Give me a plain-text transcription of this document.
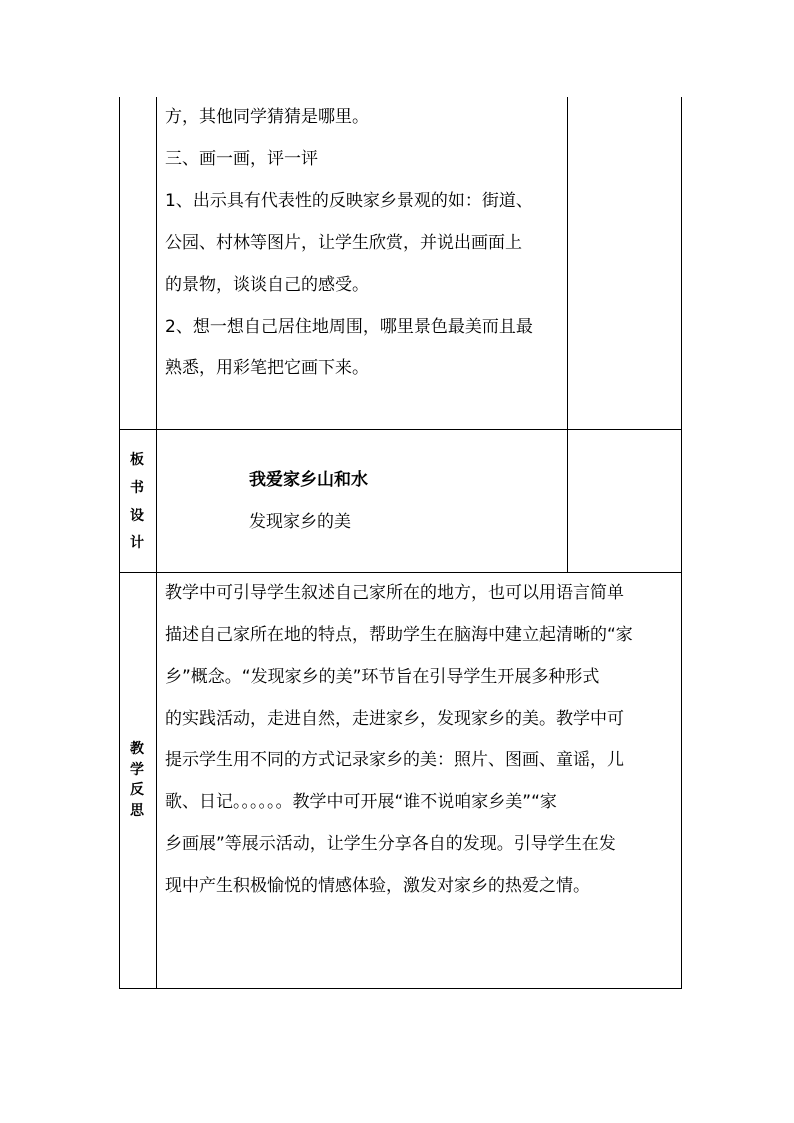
方，其他同学猜猜是哪里。

三、画一画，评一评

1、出示具有代表性的反映家乡景观的如：街道、

公园、村林等图片，让学生欣赏，并说出画面上

的景物，谈谈自己的感受。

2、想一想自己居住地周围，哪里景色最美而且最

熟悉，用彩笔把它画下来。

板

书

设

计

我爱家乡山和水

发现家乡的美

教

学

反

思

教学中可引导学生叙述自己家所在的地方，也可以用语言简单

描述自己家所在地的特点，帮助学生在脑海中建立起清晰的“家

乡”概念。“发现家乡的美”环节旨在引导学生开展多种形式

的实践活动，走进自然，走进家乡，发现家乡的美。教学中可

提示学生用不同的方式记录家乡的美：照片、图画、童谣，儿

歌、日记。。。。。。教学中可开展“谁不说咱家乡美”“家

乡画展”等展示活动，让学生分享各自的发现。引导学生在发

现中产生积极愉悦的情感体验，激发对家乡的热爱之情。
